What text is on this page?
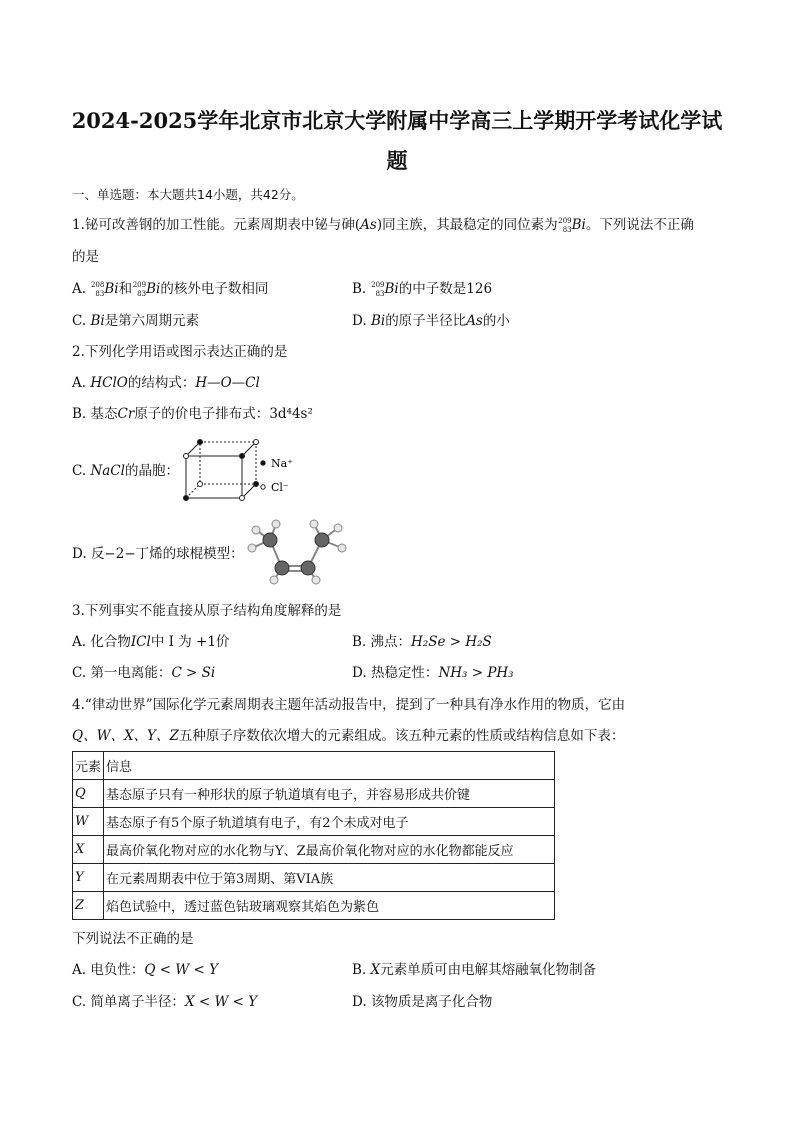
2024-2025学年北京市北京大学附属中学高三上学期开学考试化学试
题
一、单选题：本大题共14小题，共42分。
1.铋可改善钢的加工性能。元素周期表中铋与砷(As)同主族，其最稳定的同位素为 209
83 Bi。下列说法不正确
的是
A. 208
83 Bi和 209
83 Bi的核外电子数相同	B. 209
83 Bi的中子数是126
C. Bi是第六周期元素	D. Bi的原子半径比As的小
2.下列化学用语或图示表达正确的是
A. HClO的结构式：H—O—Cl
B. 基态Cr原子的价电子排布式：3d⁴4s²
C. NaCl的晶胞：	Na⁺
Cl⁻
D. 反−2−丁烯的球棍模型：
3.下列事实不能直接从原子结构角度解释的是
A. 化合物ICl中 I 为 +1价	B. 沸点：H₂Se > H₂S
C. 第一电离能：C > Si	D. 热稳定性：NH₃ > PH₃
4.“律动世界”国际化学元素周期表主题年活动报告中，提到了一种具有净水作用的物质，它由
Q、W、X、Y、Z五种原子序数依次增大的元素组成。该五种元素的性质或结构信息如下表：
元素	信息
Q	基态原子只有一种形状的原子轨道填有电子，并容易形成共价键
W	基态原子有5个原子轨道填有电子，有2个未成对电子
X	最高价氧化物对应的水化物与Y、Z最高价氧化物对应的水化物都能反应
Y	在元素周期表中位于第3周期、第VIA族
Z	焰色试验中，透过蓝色钴玻璃观察其焰色为紫色
下列说法不正确的是
A. 电负性：Q < W < Y	B. X元素单质可由电解其熔融氧化物制备
C. 简单离子半径：X < W < Y	D. 该物质是离子化合物
